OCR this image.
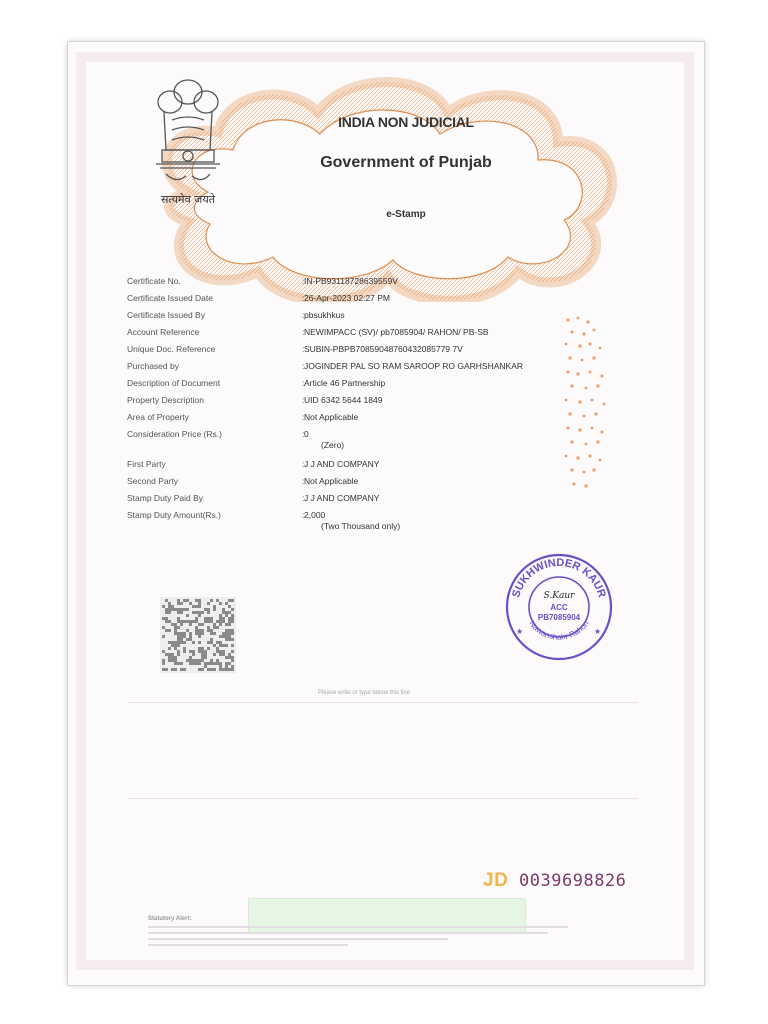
सत्यमेव जयते
INDIA NON JUDICIAL
Government of Punjab
e-Stamp
Certificate No.	: IN-PB93118728639559V
Certificate Issued Date	: 26-Apr-2023 02:27 PM
Certificate Issued By	: pbsukhkus
Account Reference	: NEWIMPACC (SV)/ pb7085904/ RAHON/ PB-SB
Unique Doc. Reference	: SUBIN-PBPB70859048760432085779 7V
Purchased by	: JOGINDER PAL SO RAM SAROOP RO GARHSHANKAR
Description of Document	: Article 46 Partnership
Property Description	: UID 6342 5644 1849
Area of Property	: Not Applicable
Consideration Price (Rs.)	: 0
(Zero)
First Party	: J J AND COMPANY
Second Party	: Not Applicable
Stamp Duty Paid By	: J J AND COMPANY
Stamp Duty Amount(Rs.)	: 2,000
(Two Thousand only)
SUKHWINDER KAUR
Nawanshahr Rahon
S.Kaur
ACC
PB7085904
★	★
Please write or type below this line
JD 0039698826
Statutory Alert:
